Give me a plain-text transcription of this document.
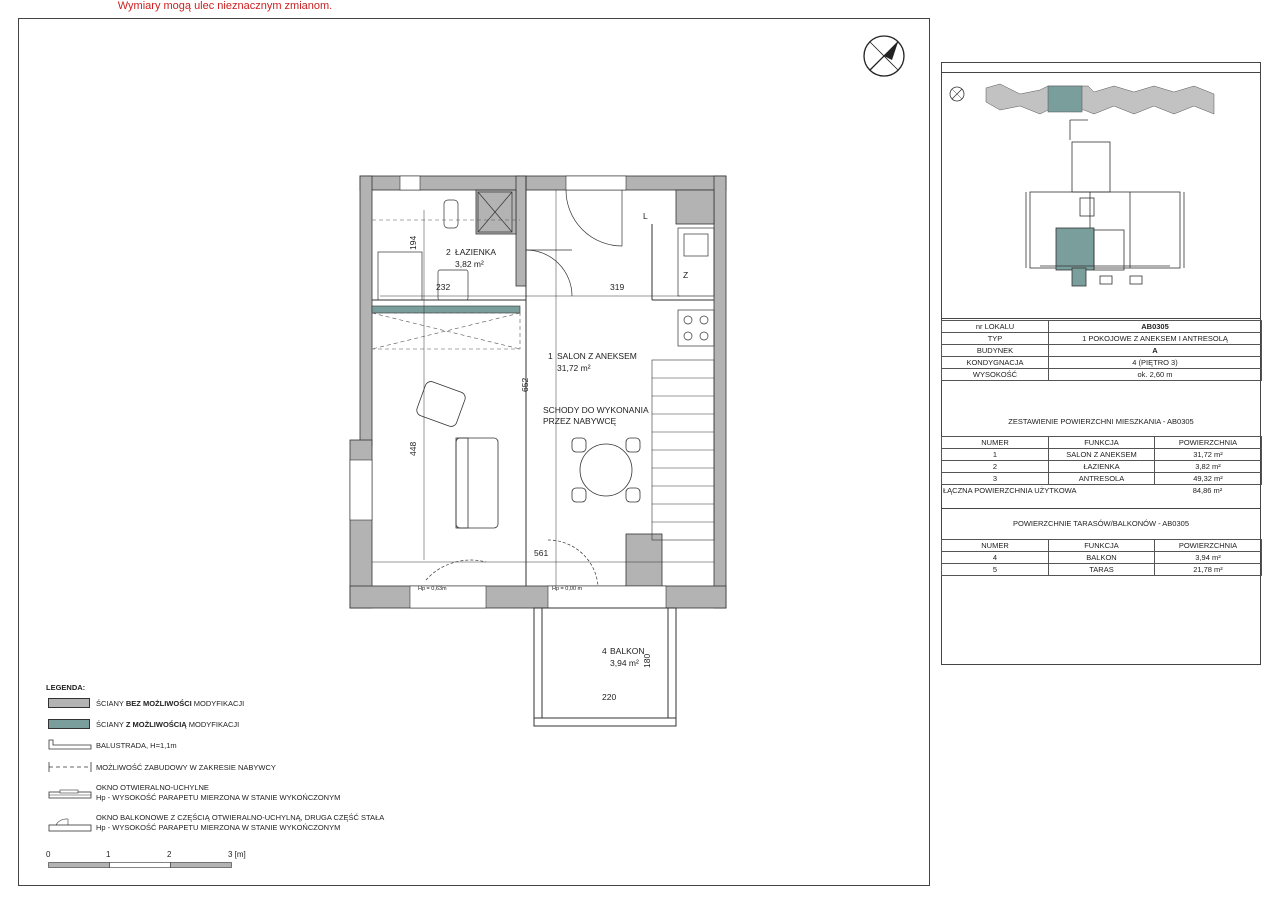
Wymiary mogą ulec nieznacznym zmianom.
2 ŁAZIENKA
3,82 m²
1 SALON Z ANEKSEM
31,72 m²
SCHODY DO WYKONANIA
PRZEZ NABYWCĘ
4 BALKON
3,94 m²
L
Z
319
561
220
232
652
448
194
180
Hp = 0,63m	Hp = 0,00 m
LEGENDA:
ŚCIANY BEZ MOŻLIWOŚCI MODYFIKACJI
ŚCIANY Z MOŻLIWOŚCIĄ MODYFIKACJI
BALUSTRADA, H=1,1m
MOŻLIWOŚĆ ZABUDOWY W ZAKRESIE NABYWCY
OKNO OTWIERALNO-UCHYLNE
Hp - WYSOKOŚĆ PARAPETU MIERZONA W STANIE WYKOŃCZONYM
OKNO BALKONOWE Z CZĘŚCIĄ OTWIERALNO-UCHYLNĄ, DRUGA CZĘŚĆ STAŁA
Hp - WYSOKOŚĆ PARAPETU MIERZONA W STANIE WYKOŃCZONYM
0	1	2	3 [m]
nr LOKALU	AB0305
TYP	1 POKOJOWE Z ANEKSEM I ANTRESOLĄ
BUDYNEK	A
KONDYGNACJA	4 (PIĘTRO 3)
WYSOKOŚĆ	ok. 2,60 m
ZESTAWIENIE POWIERZCHNI MIESZKANIA - AB0305
NUMER	FUNKCJA	POWIERZCHNIA
1	SALON Z ANEKSEM	31,72 m²
2	ŁAZIENKA	3,82 m²
3	ANTRESOLA	49,32 m²
ŁĄCZNA POWIERZCHNIA UŻYTKOWA	84,86 m²
POWIERZCHNIE TARASÓW/BALKONÓW - AB0305
NUMER	FUNKCJA	POWIERZCHNIA
4	BALKON	3,94 m²
5	TARAS	21,78 m²
